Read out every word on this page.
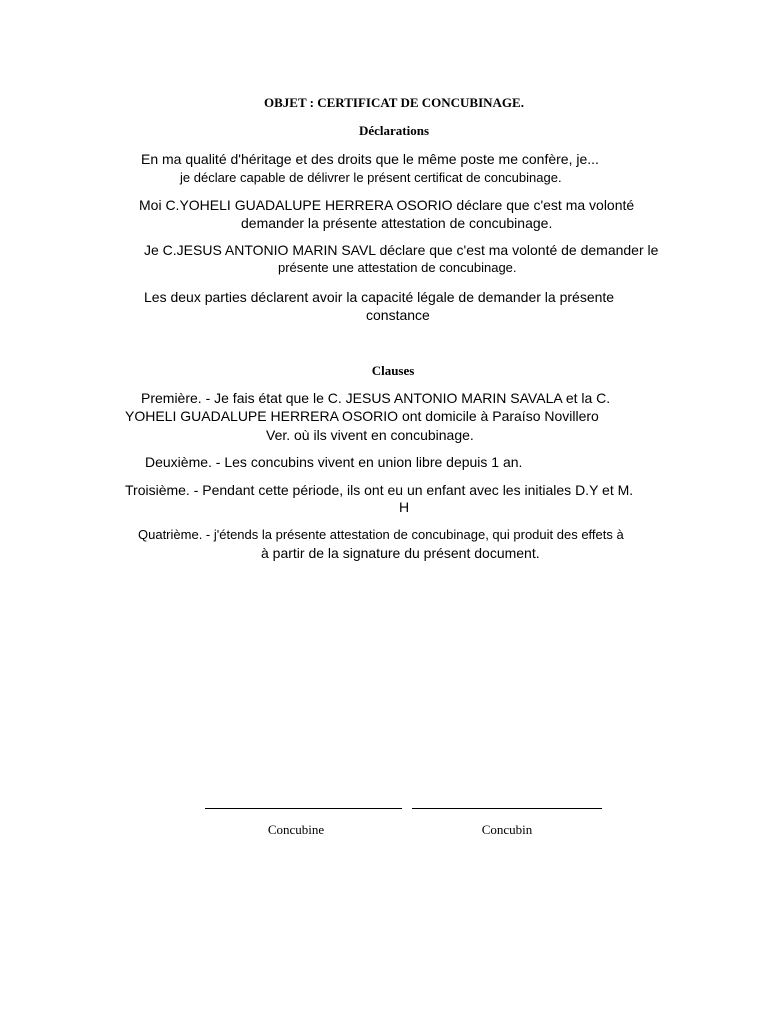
OBJET : CERTIFICAT DE CONCUBINAGE.
Déclarations
En ma qualité d'héritage et des droits que le même poste me confère, je...
je déclare capable de délivrer le présent certificat de concubinage.
Moi C.YOHELI GUADALUPE HERRERA OSORIO déclare que c'est ma volonté
demander la présente attestation de concubinage.
Je C.JESUS ANTONIO MARIN SAVL déclare que c'est ma volonté de demander le
présente une attestation de concubinage.
Les deux parties déclarent avoir la capacité légale de demander la présente
constance
Clauses
Première. - Je fais état que le C. JESUS ANTONIO MARIN SAVALA et la C.
YOHELI GUADALUPE HERRERA OSORIO ont domicile à Paraíso Novillero
Ver. où ils vivent en concubinage.
Deuxième. - Les concubins vivent en union libre depuis 1 an.
Troisième. - Pendant cette période, ils ont eu un enfant avec les initiales D.Y et M.
H
Quatrième. - j'étends la présente attestation de concubinage, qui produit des effets à
à partir de la signature du présent document.
Concubine	Concubin
